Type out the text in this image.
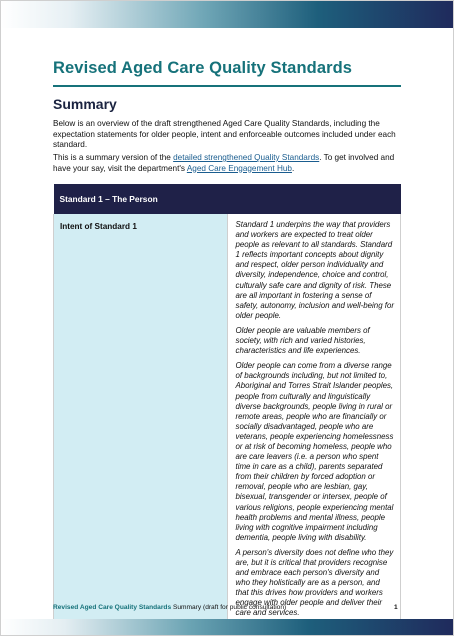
Revised Aged Care Quality Standards
Summary

Below is an overview of the draft strengthened Aged Care Quality Standards, including the expectation statements for older people, intent and enforceable outcomes included under each standard.

This is a summary version of the detailed strengthened Quality Standards. To get involved and have your say, visit the department's Aged Care Engagement Hub.

Standard 1 – The Person
Intent of Standard 1	Standard 1 underpins the way that providers and workers are expected to treat older people as relevant to all standards. Standard 1 reflects important concepts about dignity and respect, older person individuality and diversity, independence, choice and control, culturally safe care and dignity of risk. These are all important in fostering a sense of safety, autonomy, inclusion and well-being for older people.

Older people are valuable members of society, with rich and varied histories, characteristics and life experiences.

Older people can come from a diverse range of backgrounds including, but not limited to, Aboriginal and Torres Strait Islander peoples, people from culturally and linguistically diverse backgrounds, people living in rural or remote areas, people who are financially or socially disadvantaged, people who are veterans, people experiencing homelessness or at risk of becoming homeless, people who are care leavers (i.e. a person who spent time in care as a child), parents separated from their children by forced adoption or removal, people who are lesbian, gay, bisexual, transgender or intersex, people of various religions, people experiencing mental health problems and mental illness, people living with cognitive impairment including dementia, people living with disability.

A person's diversity does not define who they are, but it is critical that providers recognise and embrace each person's diversity and who they holistically are as a person, and that this drives how providers and workers engage with older people and deliver their care and services.

Revised Aged Care Quality Standards Summary (draft for public consultation)	1
